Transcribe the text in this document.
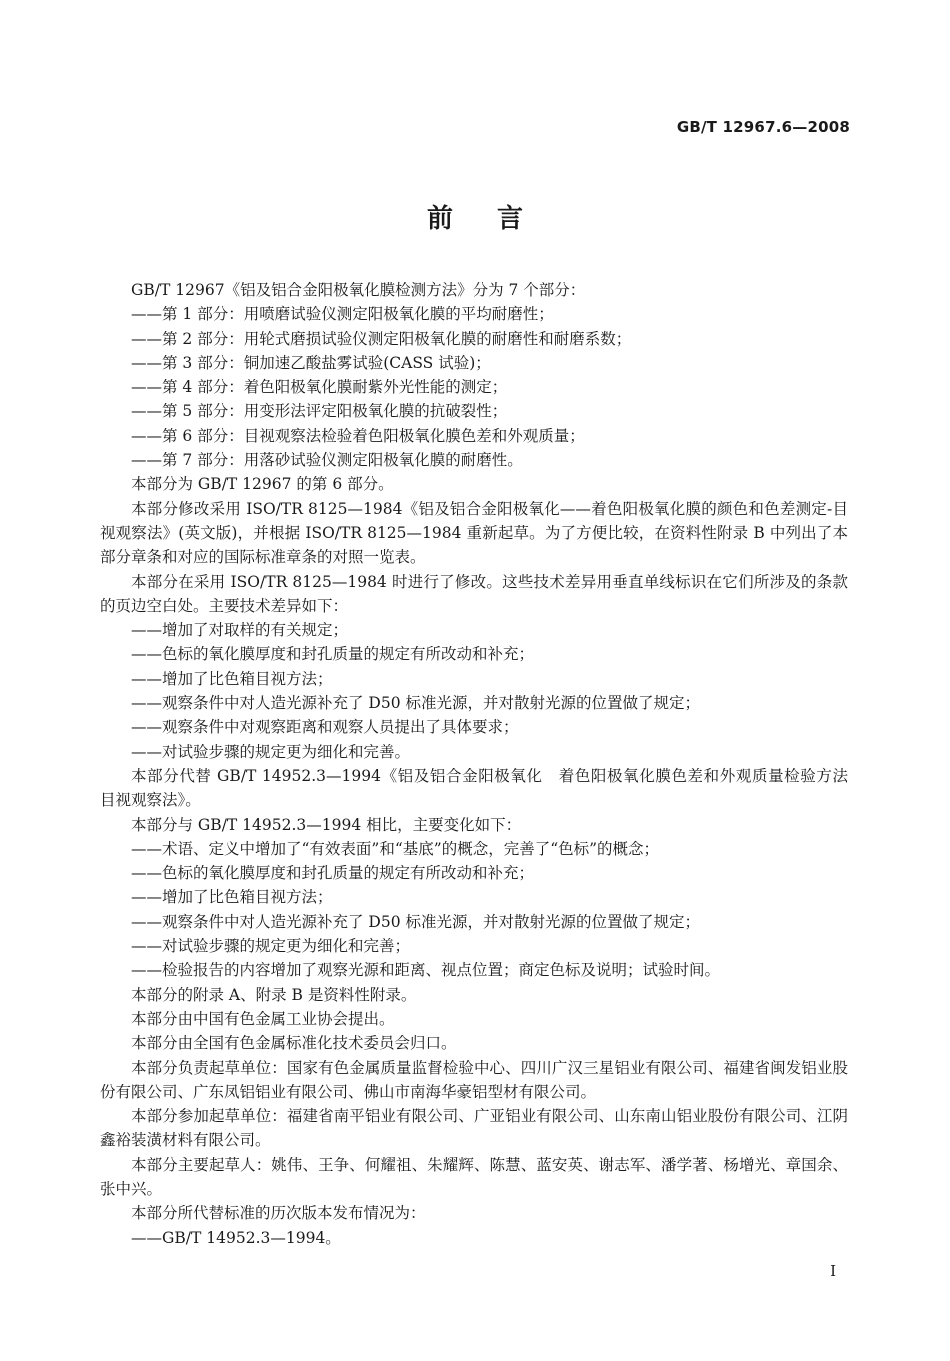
GB/T 12967.6—2008
前言

GB/T 12967《铝及铝合金阳极氧化膜检测方法》分为 7 个部分：

——第 1 部分：用喷磨试验仪测定阳极氧化膜的平均耐磨性；

——第 2 部分：用轮式磨损试验仪测定阳极氧化膜的耐磨性和耐磨系数；

——第 3 部分：铜加速乙酸盐雾试验(CASS 试验)；

——第 4 部分：着色阳极氧化膜耐紫外光性能的测定；

——第 5 部分：用变形法评定阳极氧化膜的抗破裂性；

——第 6 部分：目视观察法检验着色阳极氧化膜色差和外观质量；

——第 7 部分：用落砂试验仪测定阳极氧化膜的耐磨性。

本部分为 GB/T 12967 的第 6 部分。

本部分修改采用 ISO/TR 8125—1984《铝及铝合金阳极氧化——着色阳极氧化膜的颜色和色差测定-目视观察法》(英文版)，并根据 ISO/TR 8125—1984 重新起草。为了方便比较，在资料性附录 B 中列出了本部分章条和对应的国际标准章条的对照一览表。

本部分在采用 ISO/TR 8125—1984 时进行了修改。这些技术差异用垂直单线标识在它们所涉及的条款的页边空白处。主要技术差异如下：

——增加了对取样的有关规定；

——色标的氧化膜厚度和封孔质量的规定有所改动和补充；

——增加了比色箱目视方法；

——观察条件中对人造光源补充了 D50 标准光源，并对散射光源的位置做了规定；

——观察条件中对观察距离和观察人员提出了具体要求；

——对试验步骤的规定更为细化和完善。

本部分代替 GB/T 14952.3—1994《铝及铝合金阳极氧化　着色阳极氧化膜色差和外观质量检验方法　目视观察法》。

本部分与 GB/T 14952.3—1994 相比，主要变化如下：

——术语、定义中增加了“有效表面”和“基底”的概念，完善了“色标”的概念；

——色标的氧化膜厚度和封孔质量的规定有所改动和补充；

——增加了比色箱目视方法；

——观察条件中对人造光源补充了 D50 标准光源，并对散射光源的位置做了规定；

——对试验步骤的规定更为细化和完善；

——检验报告的内容增加了观察光源和距离、视点位置；商定色标及说明；试验时间。

本部分的附录 A、附录 B 是资料性附录。

本部分由中国有色金属工业协会提出。

本部分由全国有色金属标准化技术委员会归口。

本部分负责起草单位：国家有色金属质量监督检验中心、四川广汉三星铝业有限公司、福建省闽发铝业股份有限公司、广东凤铝铝业有限公司、佛山市南海华豪铝型材有限公司。

本部分参加起草单位：福建省南平铝业有限公司、广亚铝业有限公司、山东南山铝业股份有限公司、江阴鑫裕装潢材料有限公司。

本部分主要起草人：姚伟、王争、何耀祖、朱耀辉、陈慧、蓝安英、谢志军、潘学著、杨增光、章国余、张中兴。

本部分所代替标准的历次版本发布情况为：

——GB/T 14952.3—1994。

I
